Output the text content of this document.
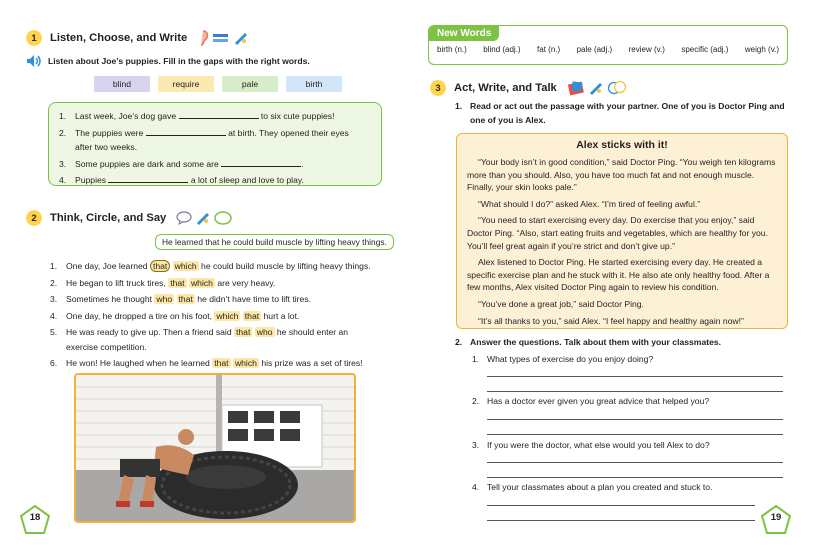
1 Listen, Choose, and Write
Listen about Joe’s puppies. Fill in the gaps with the right words.
blind	require	pale	birth
1. Last week, Joe’s dog gave	to six cute puppies!
2. The puppies were	at birth. They opened their eyes after two weeks.
3. Some puppies are dark and some are	.
4. Puppies	a lot of sleep and love to play.
2 Think, Circle, and Say
He learned that he could build muscle by lifting heavy things.
1. One day, Joe learned that which he could build muscle by lifting heavy things.
2. He began to lift truck tires, that which are very heavy.
3. Sometimes he thought who that he didn’t have time to lift tires.
4. One day, he dropped a tire on his foot, which that hurt a lot.
5. He was ready to give up. Then a friend said that who he should enter an exercise competition.
6. He won! He laughed when he learned that which his prize was a set of tires!
18
New Words
birth (n.) blind (adj.) fat (n.) pale (adj.) review (v.) specific (adj.) weigh (v.)
3 Act, Write, and Talk
1. Read or act out the passage with your partner. One of you is Doctor Ping and one of you is Alex.
Alex sticks with it!

“Your body isn’t in good condition,” said Doctor Ping. “You weigh ten kilograms more than you should. Also, you have too much fat and not enough muscle. Finally, your skin looks pale.”

“What should I do?” asked Alex. “I’m tired of feeling awful.”

“You need to start exercising every day. Do exercise that you enjoy,” said Doctor Ping. “Also, start eating fruits and vegetables, which are healthy for you. You’ll feel great again if you’re strict and don’t give up.”

Alex listened to Doctor Ping. He started exercising every day. He created a specific exercise plan and he stuck with it. He also ate only healthy food. After a few months, Alex visited Doctor Ping again to review his condition.

“You’ve done a great job,” said Doctor Ping.

“It’s all thanks to you,” said Alex. “I feel happy and healthy again now!”

2. Answer the questions. Talk about them with your classmates.
1. What types of exercise do you enjoy doing?
2. Has a doctor ever given you great advice that helped you?
3. If you were the doctor, what else would you tell Alex to do?
4. Tell your classmates about a plan you created and stuck to.
19
